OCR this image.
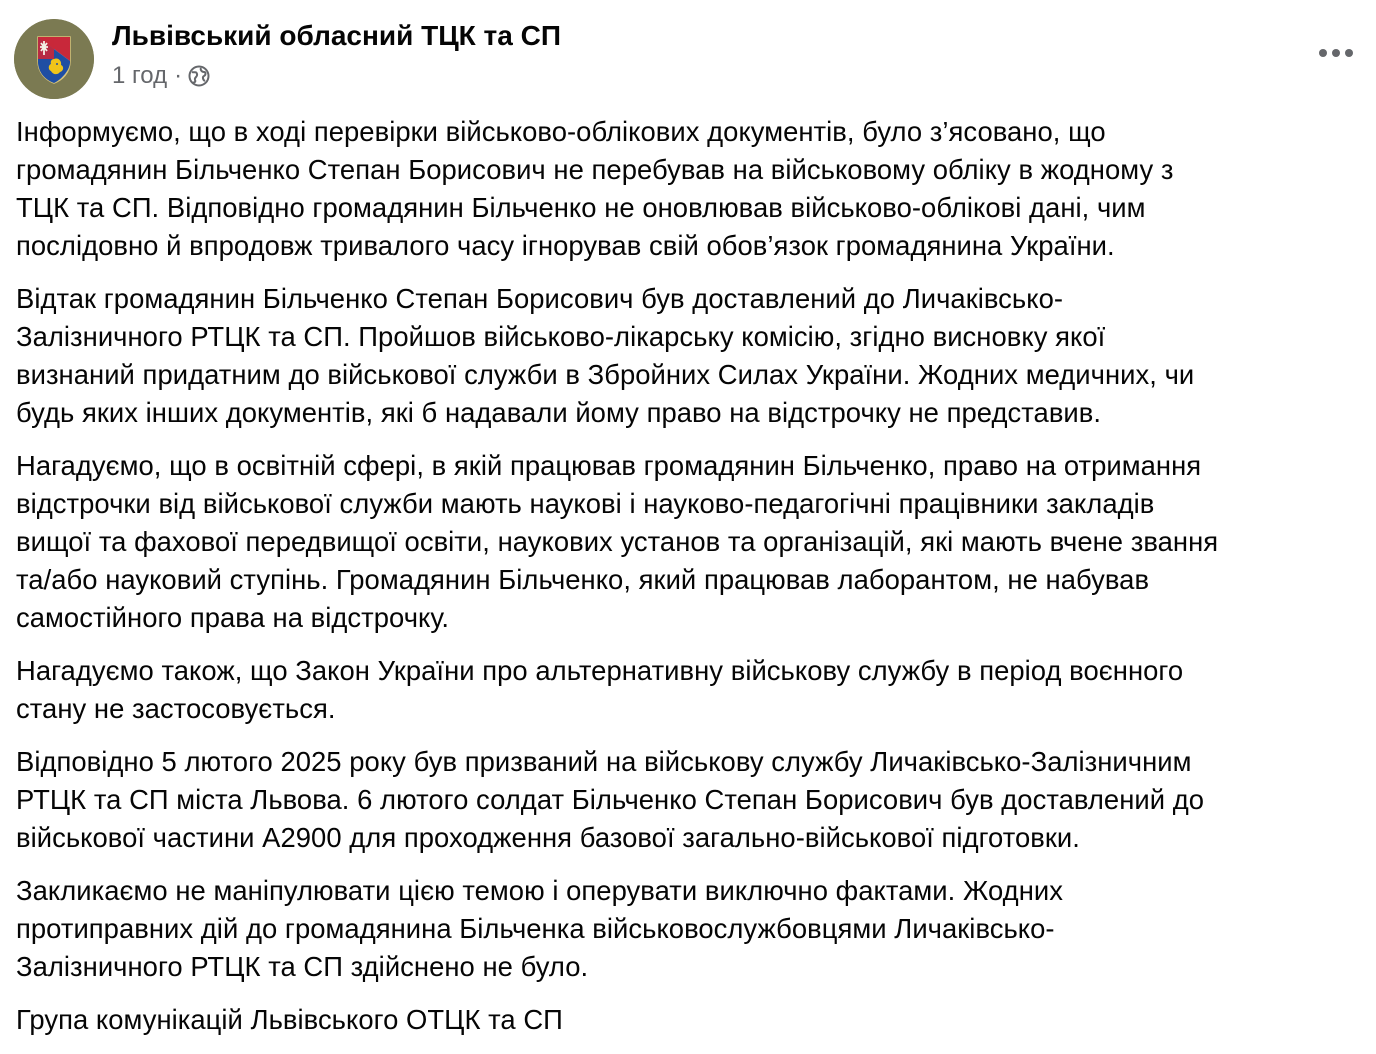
Львівський обласний ТЦК та СП
1 год ·

Інформуємо, що в ході перевірки військово-облікових документів, було з’ясовано, що
громадянин Більченко Степан Борисович не перебував на військовому обліку в жодному з
ТЦК та СП. Відповідно громадянин Більченко не оновлював військово-облікові дані, чим
послідовно й впродовж тривалого часу ігнорував свій обов’язок громадянина України.

Відтак громадянин Більченко Степан Борисович був доставлений до Личаківсько-
Залізничного РТЦК та СП. Пройшов військово-лікарську комісію, згідно висновку якої
визнаний придатним до військової служби в Збройних Силах України. Жодних медичних, чи
будь яких інших документів, які б надавали йому право на відстрочку не представив.

Нагадуємо, що в освітній сфері, в якій працював громадянин Більченко, право на отримання
відстрочки від військової служби мають наукові і науково-педагогічні працівники закладів
вищої та фахової передвищої освіти, наукових установ та організацій, які мають вчене звання
та/або науковий ступінь. Громадянин Більченко, який працював лаборантом, не набував
самостійного права на відстрочку.

Нагадуємо також, що Закон України про альтернативну військову службу в період воєнного
стану не застосовується.

Відповідно 5 лютого 2025 року був призваний на військову службу Личаківсько-Залізничним
РТЦК та СП міста Львова. 6 лютого солдат Більченко Степан Борисович був доставлений до
військової частини А2900 для проходження базової загально-військової підготовки.

Закликаємо не маніпулювати цією темою і оперувати виключно фактами. Жодних
протиправних дій до громадянина Більченка військовослужбовцями Личаківсько-
Залізничного РТЦК та СП здійснено не було.

Група комунікацій Львівського ОТЦК та СП
